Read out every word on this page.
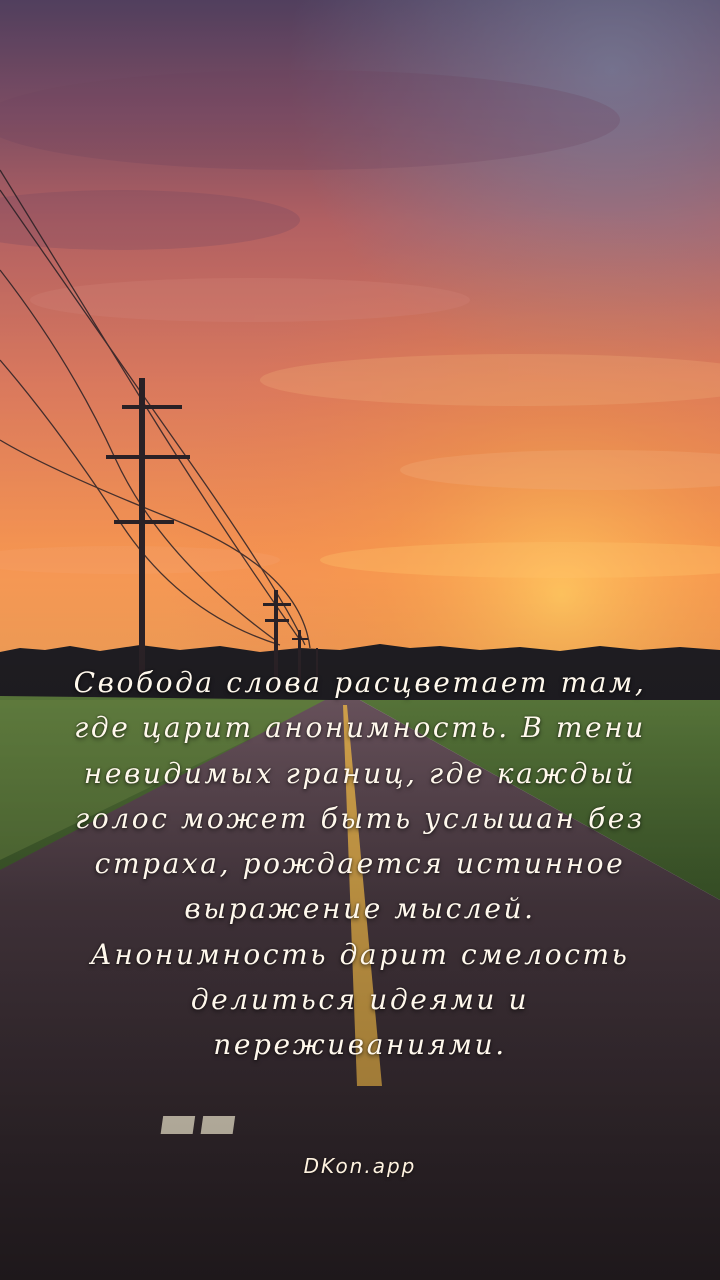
Свобода слова расцветает там,
где царит анонимность. В тени
невидимых границ, где каждый
голос может быть услышан без
страха, рождается истинное
выражение мыслей.
Анонимность дарит смелость
делиться идеями и
переживаниями.

DKon.app
